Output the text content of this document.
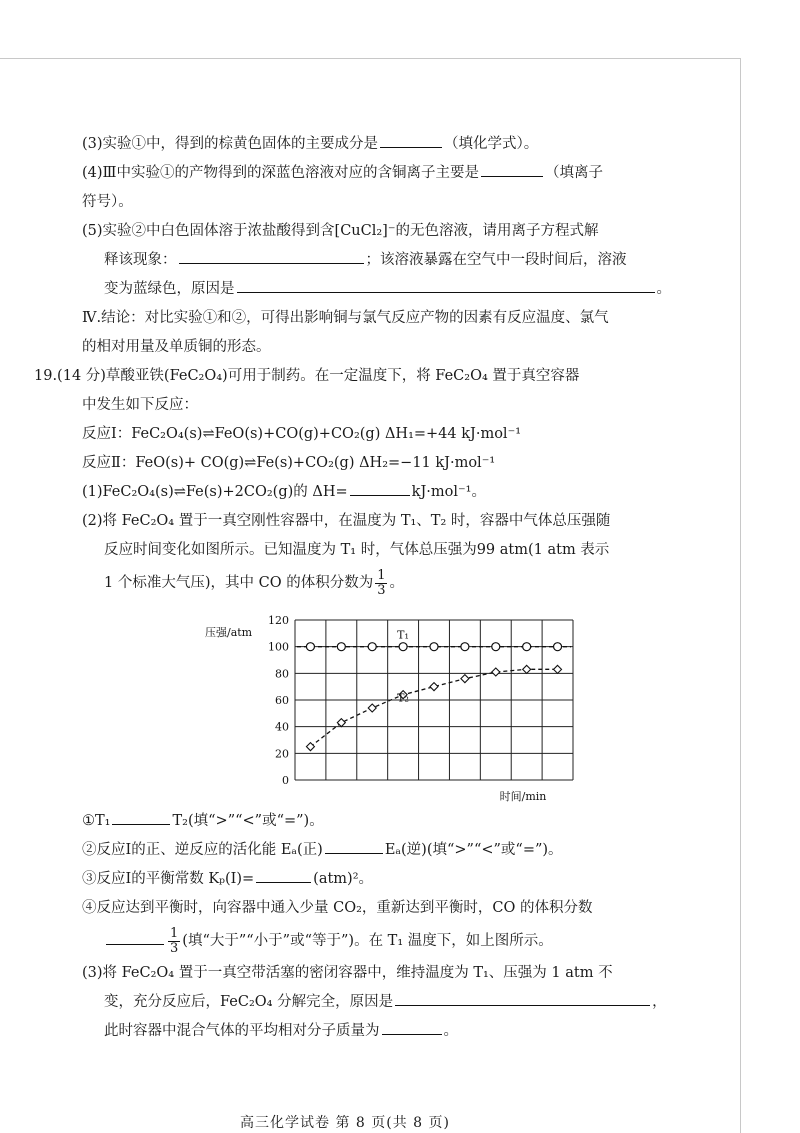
(3)实验①中，得到的棕黄色固体的主要成分是	（填化学式）。
(4)Ⅲ中实验①的产物得到的深蓝色溶液对应的含铜离子主要是	（填离子
符号）。
(5)实验②中白色固体溶于浓盐酸得到含[CuCl₂]⁻的无色溶液，请用离子方程式解
释该现象：	；该溶液暴露在空气中一段时间后，溶液
变为蓝绿色，原因是	。
Ⅳ.结论：对比实验①和②，可得出影响铜与氯气反应产物的因素有反应温度、氯气
的相对用量及单质铜的形态。
19.(14 分)草酸亚铁(FeC₂O₄)可用于制药。在一定温度下，将 FeC₂O₄ 置于真空容器
中发生如下反应：
反应Ⅰ：FeC₂O₄(s)⇌FeO(s)+CO(g)+CO₂(g) ΔH₁=+44 kJ·mol⁻¹
反应Ⅱ：FeO(s)+ CO(g)⇌Fe(s)+CO₂(g) ΔH₂=−11 kJ·mol⁻¹
(1)FeC₂O₄(s)⇌Fe(s)+2CO₂(g)的 ΔH=	kJ·mol⁻¹。
(2)将 FeC₂O₄ 置于一真空刚性容器中，在温度为 T₁、T₂ 时，容器中气体总压强随
反应时间变化如图所示。已知温度为 T₁ 时，气体总压强为99 atm(1 atm 表示
1 个标准大气压)，其中 CO 的体积分数为 $\frac{1}{3}$ 。
①T₁	T₂(填“>”“<”或“=”)。
②反应Ⅰ的正、逆反应的活化能 Eₐ(正)	Eₐ(逆)(填“>”“<”或“=”)。
③反应Ⅰ的平衡常数 Kₚ(Ⅰ)=	(atm)²。
④反应达到平衡时，向容器中通入少量 CO₂，重新达到平衡时，CO 的体积分数
$\frac{1}{3}$ (填“大于”“小于”或“等于”)。在 T₁ 温度下，如上图所示。
(3)将 FeC₂O₄ 置于一真空带活塞的密闭容器中，维持温度为 T₁、压强为 1 atm 不
变，充分反应后，FeC₂O₄ 分解完全，原因是	，
此时容器中混合气体的平均相对分子质量为	。
0
20
40
60
80
100
120
压强/atm
时间/min
T₁
T₂
高三化学试卷 第 8 页(共 8 页)
